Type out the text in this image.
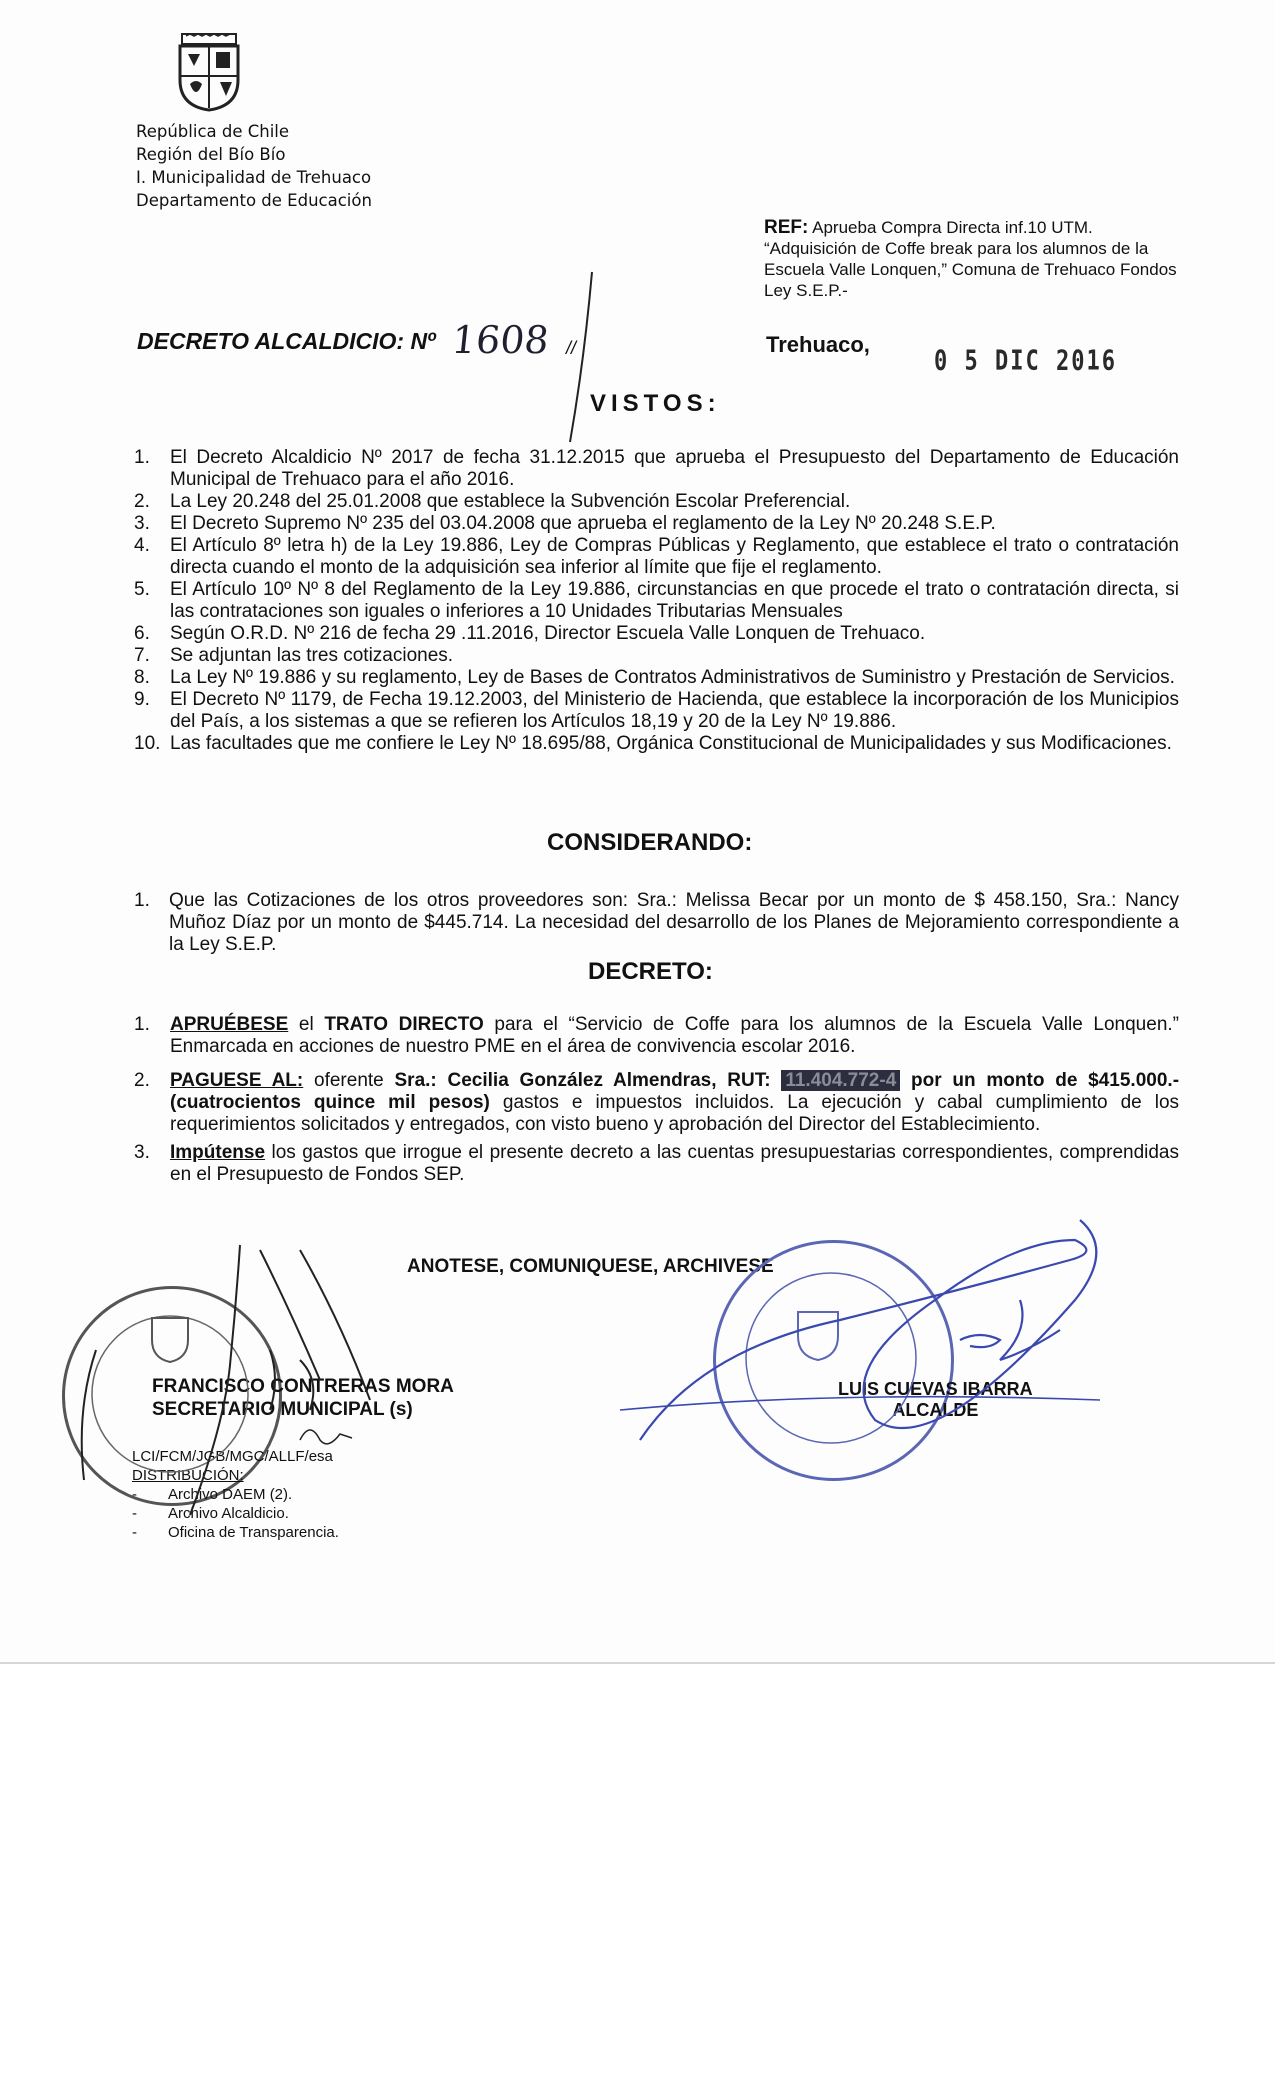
República de Chile
Región del Bío Bío
I. Municipalidad de Trehuaco
Departamento de Educación
REF: Aprueba Compra Directa inf.10 UTM. “Adquisición de Coffe break para los alumnos de la Escuela Valle Lonquen,” Comuna de Trehuaco Fondos Ley S.E.P.-
DECRETO ALCALDICIO: Nº 1608 //	Trehuaco,
0 5 DIC 2016
VISTOS:
1. El Decreto Alcaldicio Nº 2017 de fecha 31.12.2015 que aprueba el Presupuesto del Departamento de Educación Municipal de Trehuaco para el año 2016.
2. La Ley 20.248 del 25.01.2008 que establece la Subvención Escolar Preferencial.
3. El Decreto Supremo Nº 235 del 03.04.2008 que aprueba el reglamento de la Ley Nº 20.248 S.E.P.
4. El Artículo 8º letra h) de la Ley 19.886, Ley de Compras Públicas y Reglamento, que establece el trato o contratación directa cuando el monto de la adquisición sea inferior al límite que fije el reglamento.
5. El Artículo 10º Nº 8 del Reglamento de la Ley 19.886, circunstancias en que procede el trato o contratación directa, si las contrataciones son iguales o inferiores a 10 Unidades Tributarias Mensuales
6. Según O.R.D. Nº 216 de fecha 29 .11.2016, Director Escuela Valle Lonquen de Trehuaco.
7. Se adjuntan las tres cotizaciones.
8. La Ley Nº 19.886 y su reglamento, Ley de Bases de Contratos Administrativos de Suministro y Prestación de Servicios.
9. El Decreto Nº 1179, de Fecha 19.12.2003, del Ministerio de Hacienda, que establece la incorporación de los Municipios del País, a los sistemas a que se refieren los Artículos 18,19 y 20 de la Ley Nº 19.886.
10. Las facultades que me confiere le Ley Nº 18.695/88, Orgánica Constitucional de Municipalidades y sus Modificaciones.
CONSIDERANDO:
1. Que las Cotizaciones de los otros proveedores son: Sra.: Melissa Becar por un monto de $ 458.150, Sra.: Nancy Muñoz Díaz por un monto de $445.714. La necesidad del desarrollo de los Planes de Mejoramiento correspondiente a la Ley S.E.P.
DECRETO:
1. APRUÉBESE el TRATO DIRECTO para el “Servicio de Coffe para los alumnos de la Escuela Valle Lonquen.” Enmarcada en acciones de nuestro PME en el área de convivencia escolar 2016.
2. PAGUESE AL: oferente Sra.: Cecilia González Almendras, RUT: 11.404.772-4 por un monto de $415.000.- (cuatrocientos quince mil pesos) gastos e impuestos incluidos. La ejecución y cabal cumplimiento de los requerimientos solicitados y entregados, con visto bueno y aprobación del Director del Establecimiento.
3. Impútense los gastos que irrogue el presente decreto a las cuentas presupuestarias correspondientes, comprendidas en el Presupuesto de Fondos SEP.
ANOTESE, COMUNIQUESE, ARCHIVESE
FRANCISCO CONTRERAS MORA
SECRETARIO MUNICIPAL (s)
LUIS CUEVAS IBARRA
ALCALDE
LCI/FCM/JGB/MGC/ALLF/esa
DISTRIBUCIÓN:
- Archivo DAEM (2).
- Archivo Alcaldicio.
- Oficina de Transparencia.
